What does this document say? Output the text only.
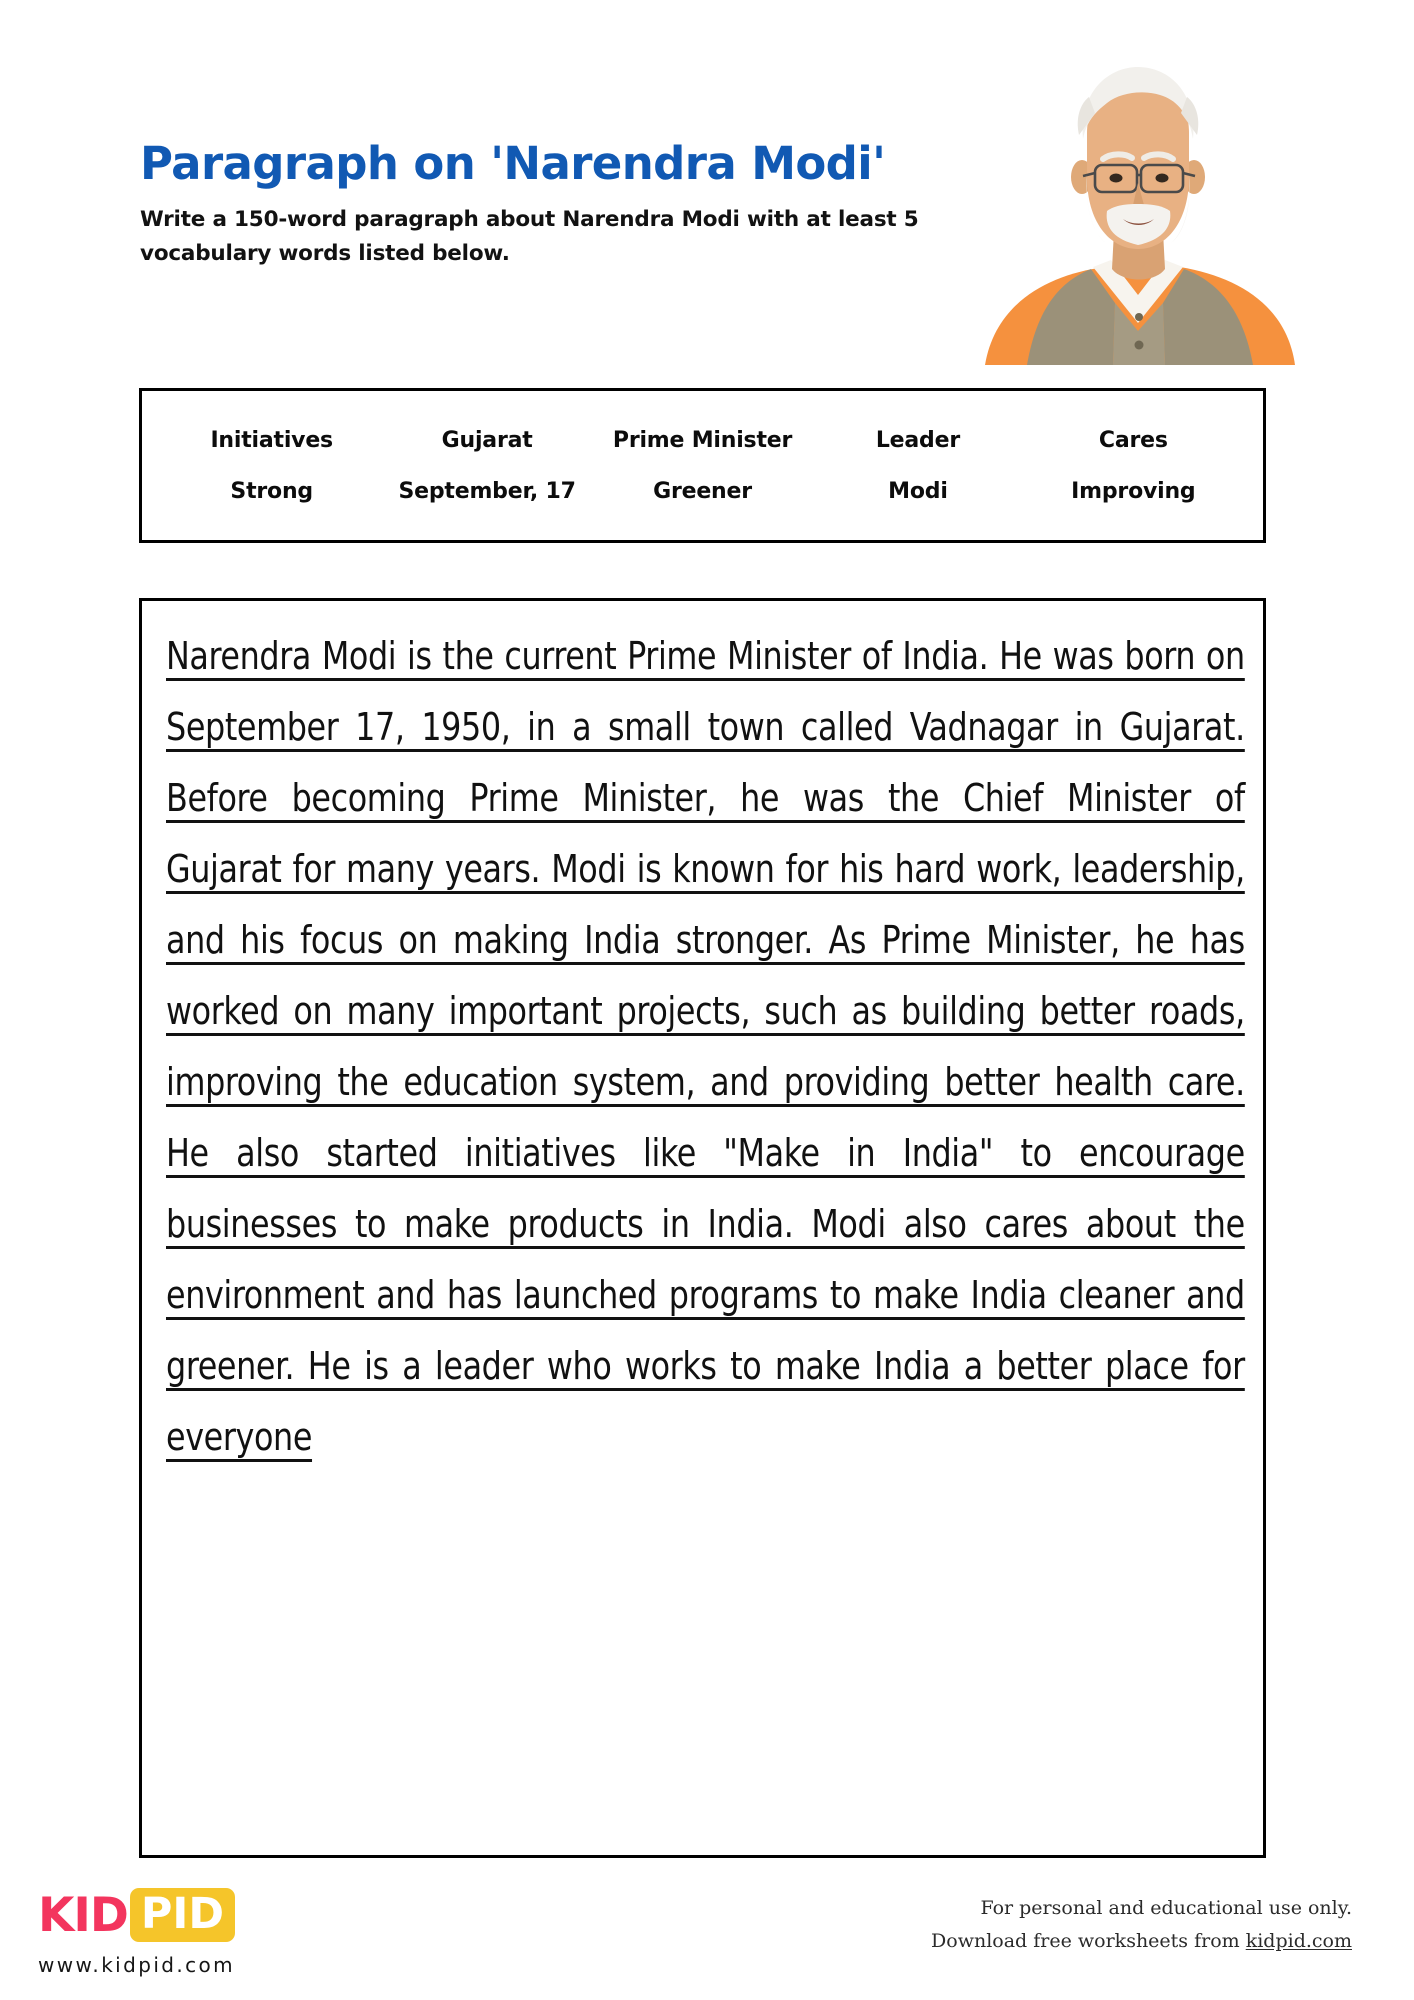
Paragraph on 'Narendra Modi'

Write a 150-word paragraph about Narendra Modi with at least 5 vocabulary words listed below.

Initiatives	Gujarat	Prime Minister	Leader	Cares
Strong	September, 17	Greener	Modi	Improving

Narendra Modi is the current Prime Minister of India. He was born on September 17, 1950, in a small town called Vadnagar in Gujarat. Before becoming Prime Minister, he was the Chief Minister of Gujarat for many years. Modi is known for his hard work, leadership, and his focus on making India stronger. As Prime Minister, he has worked on many important projects, such as building better roads, improving the education system, and providing better health care. He also started initiatives like "Make in India" to encourage businesses to make products in India. Modi also cares about the environment and has launched programs to make India cleaner and greener. He is a leader who works to make India a better place for everyone

KID PID
www.kidpid.com
For personal and educational use only.
Download free worksheets from kidpid.com
